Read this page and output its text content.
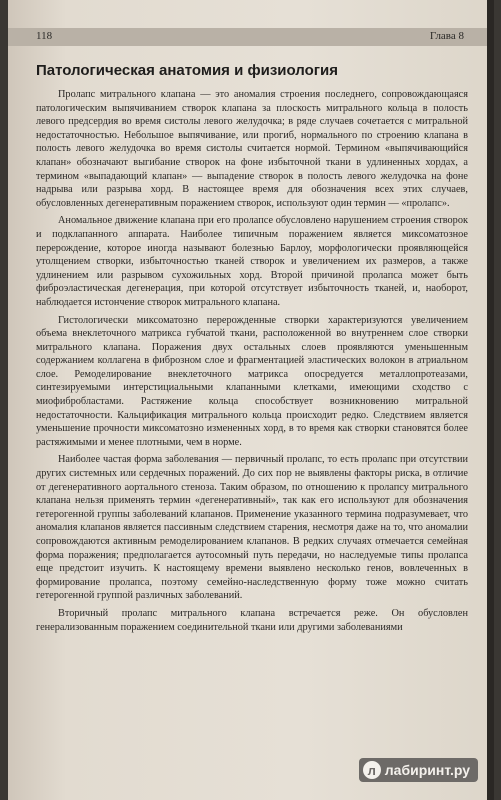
118	Глава 8
Патологическая анатомия и физиология

Пролапс митрального клапана — это аномалия строения последнего, сопровождающаяся патологическим выпячиванием створок клапана за плоскость митрального кольца в полость левого предсердия во время систолы левого желудочка; в ряде случаев сочетается с митральной недостаточностью. Небольшое выпячивание, или прогиб, нормального по строению клапана в полость левого желудочка во время систолы считается нормой. Термином «выпячивающийся клапан» обозначают выгибание створок на фоне избыточной ткани в удлиненных хордах, а термином «выпадающий клапан» — выпадение створок в полость левого желудочка на фоне надрыва или разрыва хорд. В настоящее время для обозначения всех этих случаев, обусловленных дегенеративным поражением створок, используют один термин — «пролапс».

Аномальное движение клапана при его пролапсе обусловлено нарушением строения створок и подклапанного аппарата. Наиболее типичным поражением является миксоматозное перерождение, которое иногда называют болезнью Барлоу, морфологически проявляющейся утолщением створки, избыточностью тканей створок и увеличением их размеров, а также удлинением или разрывом сухожильных хорд. Второй причиной пролапса может быть фиброэластическая дегенерация, при которой отсутствует избыточность тканей, и, наоборот, наблюдается истончение створок митрального клапана.

Гистологически миксоматозно перерожденные створки характеризуются увеличением объема внеклеточного матрикса губчатой ткани, расположенной во внутреннем слое створки митрального клапана. Поражения двух остальных слоев проявляются уменьшенным содержанием коллагена в фиброзном слое и фрагментацией эластических волокон в атриальном слое. Ремоделирование внеклеточного матрикса опосредуется металлопротеазами, синтезируемыми интерстициальными клапанными клетками, имеющими сходство с миофибробластами. Растяжение кольца способствует возникновению митральной недостаточности. Кальцификация митрального кольца происходит редко. Следствием является уменьшение прочности миксоматозно измененных хорд, в то время как створки становятся более растяжимыми и менее плотными, чем в норме.

Наиболее частая форма заболевания — первичный пролапс, то есть пролапс при отсутствии других системных или сердечных поражений. До сих пор не выявлены факторы риска, в отличие от дегенеративного аортального стеноза. Таким образом, по отношению к пролапсу митрального клапана нельзя применять термин «дегенеративный», так как его используют для обозначения гетерогенной группы заболеваний клапанов. Применение указанного термина подразумевает, что аномалия клапанов является пассивным следствием старения, несмотря даже на то, что аномалии сопровождаются активным ремоделированием клапанов. В редких случаях отмечается семейная форма поражения; предполагается аутосомный путь передачи, но наследуемые типы пролапса еще предстоит изучить. К настоящему времени выявлено несколько генов, вовлеченных в формирование пролапса, поэтому семейно-наследственную форму тоже можно считать гетерогенной группой различных заболеваний.

Вторичный пролапс митрального клапана встречается реже. Он обусловлен генерализованным поражением соединительной ткани или другими заболеваниями

л лабиринт.ру
